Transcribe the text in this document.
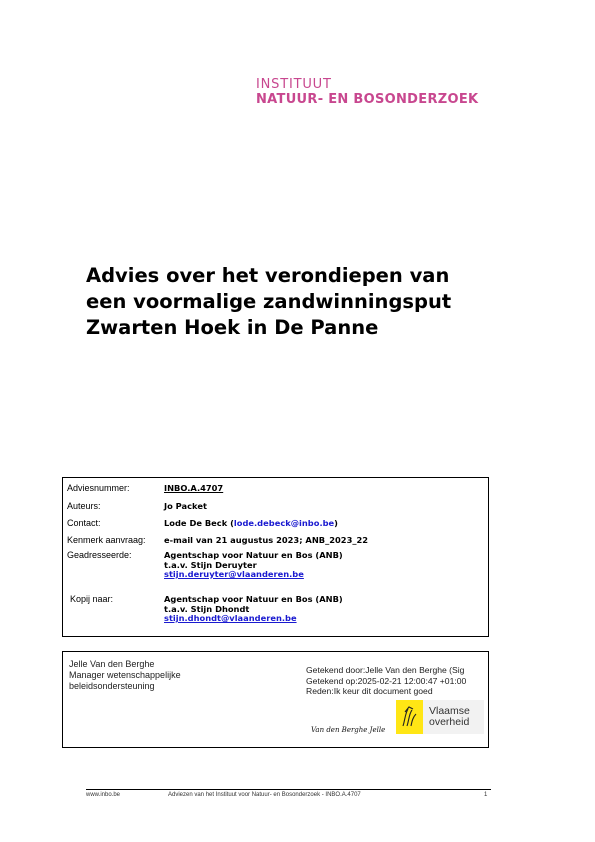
INSTITUUT
NATUUR- EN BOSONDERZOEK
Advies over het verondiepen van
een voormalige zandwinningsput
Zwarten Hoek in De Panne
Adviesnummer:	INBO.A.4707
Auteurs:	Jo Packet
Contact:	Lode De Beck (lode.debeck@inbo.be)
Kenmerk aanvraag: e-mail van 21 augustus 2023; ANB_2023_22
Geadresseerde:	Agentschap voor Natuur en Bos (ANB)
t.a.v. Stijn Deruyter
stijn.deruyter@vlaanderen.be
Kopij naar:	Agentschap voor Natuur en Bos (ANB)
t.a.v. Stijn Dhondt
stijn.dhondt@vlaanderen.be
Jelle Van den Berghe
Manager wetenschappelijke
beleidsondersteuning
Getekend door:Jelle Van den Berghe (Sig
Getekend op:2025-02-21 12:00:47 +01:00
Reden:Ik keur dit document goed
Van den Berghe Jelle
Vlaamse
overheid
www.inbo.be	Adviezen van het Instituut voor Natuur- en Bosonderzoek - INBO.A.4707	1
